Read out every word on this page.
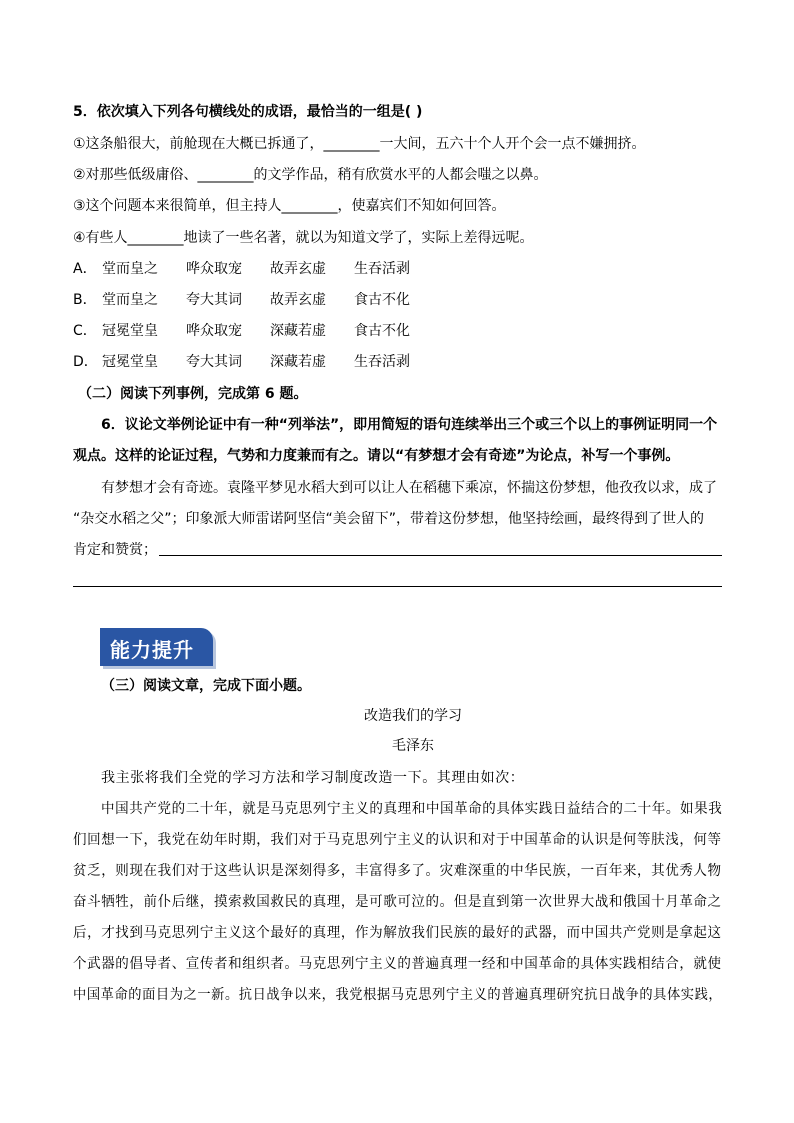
5．依次填入下列各句横线处的成语，最恰当的一组是( )
①这条船很大，前舱现在大概已拆通了，________一大间，五六十个人开个会一点不嫌拥挤。
②对那些低级庸俗、________的文学作品，稍有欣赏水平的人都会嗤之以鼻。
③这个问题本来很简单，但主持人________，使嘉宾们不知如何回答。
④有些人________地读了一些名著，就以为知道文学了，实际上差得远呢。
A． 堂而皇之 哗众取宠 故弄玄虚 生吞活剥
B． 堂而皇之 夸大其词 故弄玄虚 食古不化
C． 冠冕堂皇 哗众取宠 深藏若虚 食古不化
D． 冠冕堂皇 夸大其词 深藏若虚 生吞活剥
（二）阅读下列事例，完成第 6 题。
6．议论文举例论证中有一种“列举法”，即用简短的语句连续举出三个或三个以上的事例证明同一个
观点。这样的论证过程，气势和力度兼而有之。请以“有梦想才会有奇迹”为论点，补写一个事例。
有梦想才会有奇迹。袁隆平梦见水稻大到可以让人在稻穗下乘凉，怀揣这份梦想，他孜孜以求，成了
“杂交水稻之父”；印象派大师雷诺阿坚信“美会留下”，带着这份梦想，他坚持绘画，最终得到了世人的
肯定和赞赏；
能力提升
（三）阅读文章，完成下面小题。
改造我们的学习
毛泽东
我主张将我们全党的学习方法和学习制度改造一下。其理由如次：
中国共产党的二十年，就是马克思列宁主义的真理和中国革命的具体实践日益结合的二十年。如果我
们回想一下，我党在幼年时期，我们对于马克思列宁主义的认识和对于中国革命的认识是何等肤浅，何等
贫乏，则现在我们对于这些认识是深刻得多，丰富得多了。灾难深重的中华民族，一百年来，其优秀人物
奋斗牺牲，前仆后继，摸索救国救民的真理，是可歌可泣的。但是直到第一次世界大战和俄国十月革命之
后，才找到马克思列宁主义这个最好的真理，作为解放我们民族的最好的武器，而中国共产党则是拿起这
个武器的倡导者、宣传者和组织者。马克思列宁主义的普遍真理一经和中国革命的具体实践相结合，就使
中国革命的面目为之一新。抗日战争以来，我党根据马克思列宁主义的普遍真理研究抗日战争的具体实践，
